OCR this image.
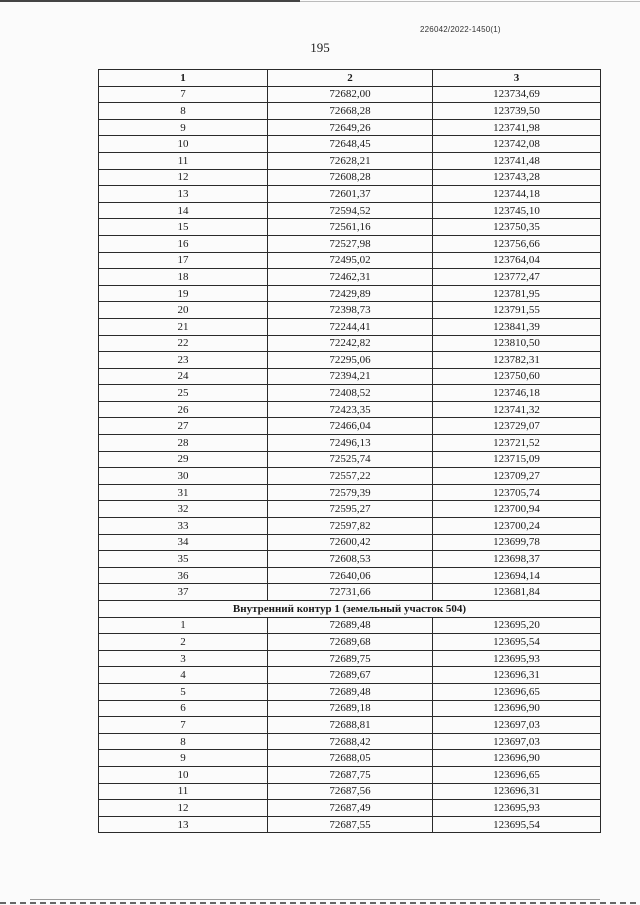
226042/2022-1450(1)
195
1	2	3
7	72682,00	123734,69
8	72668,28	123739,50
9	72649,26	123741,98
10	72648,45	123742,08
11	72628,21	123741,48
12	72608,28	123743,28
13	72601,37	123744,18
14	72594,52	123745,10
15	72561,16	123750,35
16	72527,98	123756,66
17	72495,02	123764,04
18	72462,31	123772,47
19	72429,89	123781,95
20	72398,73	123791,55
21	72244,41	123841,39
22	72242,82	123810,50
23	72295,06	123782,31
24	72394,21	123750,60
25	72408,52	123746,18
26	72423,35	123741,32
27	72466,04	123729,07
28	72496,13	123721,52
29	72525,74	123715,09
30	72557,22	123709,27
31	72579,39	123705,74
32	72595,27	123700,94
33	72597,82	123700,24
34	72600,42	123699,78
35	72608,53	123698,37
36	72640,06	123694,14
37	72731,66	123681,84
Внутренний контур 1 (земельный участок 504)		
1	72689,48	123695,20
2	72689,68	123695,54
3	72689,75	123695,93
4	72689,67	123696,31
5	72689,48	123696,65
6	72689,18	123696,90
7	72688,81	123697,03
8	72688,42	123697,03
9	72688,05	123696,90
10	72687,75	123696,65
11	72687,56	123696,31
12	72687,49	123695,93
13	72687,55	123695,54
